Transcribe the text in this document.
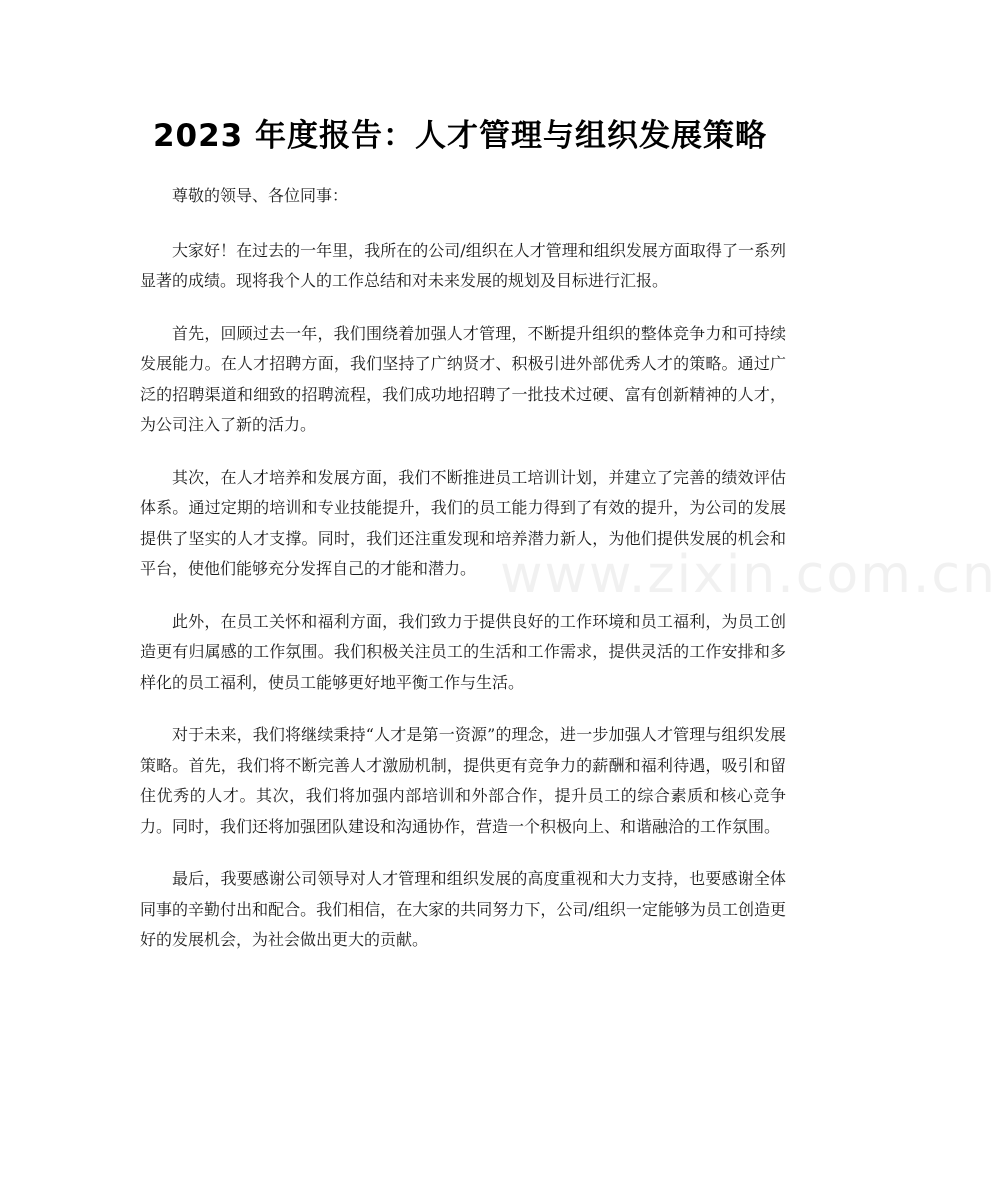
2023 年度报告：人才管理与组织发展策略

尊敬的领导、各位同事：

大家好！在过去的一年里，我所在的公司/组织在人才管理和组织发展方面取得了一系列显著的成绩。现将我个人的工作总结和对未来发展的规划及目标进行汇报。

首先，回顾过去一年，我们围绕着加强人才管理，不断提升组织的整体竞争力和可持续发展能力。在人才招聘方面，我们坚持了广纳贤才、积极引进外部优秀人才的策略。通过广泛的招聘渠道和细致的招聘流程，我们成功地招聘了一批技术过硬、富有创新精神的人才，为公司注入了新的活力。

其次，在人才培养和发展方面，我们不断推进员工培训计划，并建立了完善的绩效评估体系。通过定期的培训和专业技能提升，我们的员工能力得到了有效的提升，为公司的发展提供了坚实的人才支撑。同时，我们还注重发现和培养潜力新人，为他们提供发展的机会和平台，使他们能够充分发挥自己的才能和潜力。

此外，在员工关怀和福利方面，我们致力于提供良好的工作环境和员工福利，为员工创造更有归属感的工作氛围。我们积极关注员工的生活和工作需求，提供灵活的工作安排和多样化的员工福利，使员工能够更好地平衡工作与生活。

对于未来，我们将继续秉持“人才是第一资源”的理念，进一步加强人才管理与组织发展策略。首先，我们将不断完善人才激励机制，提供更有竞争力的薪酬和福利待遇，吸引和留住优秀的人才。其次，我们将加强内部培训和外部合作，提升员工的综合素质和核心竞争力。同时，我们还将加强团队建设和沟通协作，营造一个积极向上、和谐融洽的工作氛围。

最后，我要感谢公司领导对人才管理和组织发展的高度重视和大力支持，也要感谢全体同事的辛勤付出和配合。我们相信，在大家的共同努力下，公司/组织一定能够为员工创造更好的发展机会，为社会做出更大的贡献。

www.zixin.com.cn
